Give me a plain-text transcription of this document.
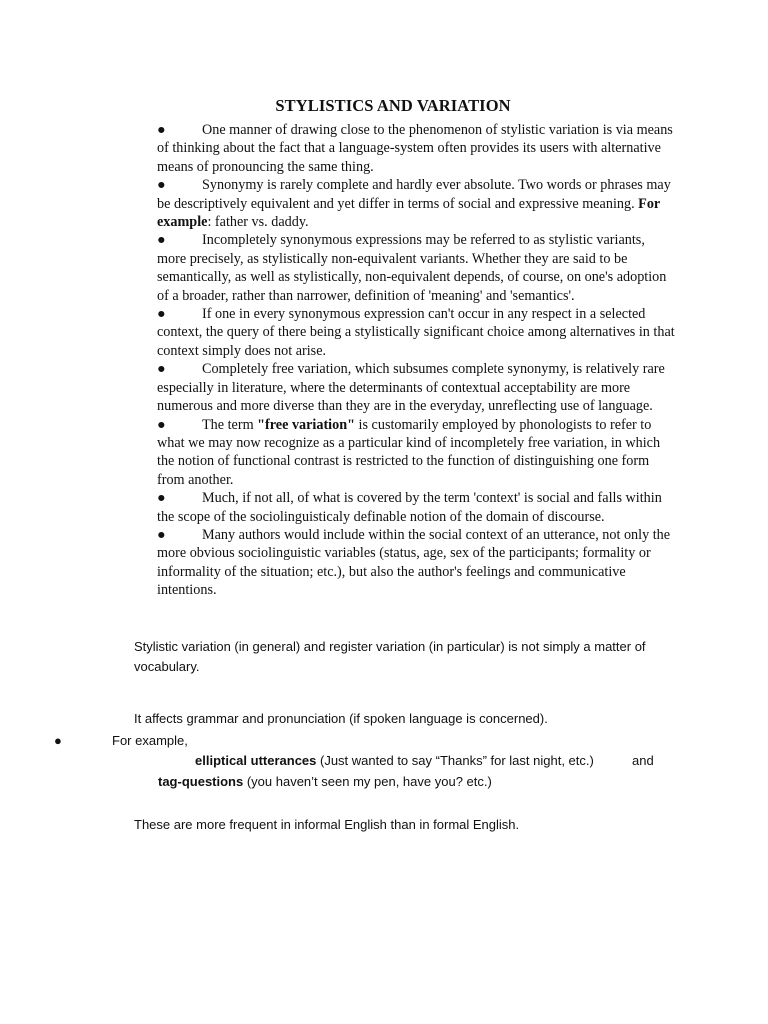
STYLISTICS AND VARIATION

●	One manner of drawing close to the phenomenon of stylistic variation is via means of thinking about the fact that a language-system often provides its users with alternative means of pronouncing the same thing.

●	Synonymy is rarely complete and hardly ever absolute. Two words or phrases may be descriptively equivalent and yet differ in terms of social and expressive meaning. For example: father vs. daddy.

●	Incompletely synonymous expressions may be referred to as stylistic variants, more precisely, as stylistically non-equivalent variants. Whether they are said to be semantically, as well as stylistically, non-equivalent depends, of course, on one's adoption of a broader, rather than narrower, definition of 'meaning' and 'semantics'.

●	If one in every synonymous expression can't occur in any respect in a selected context, the query of there being a stylistically significant choice among alternatives in that context simply does not arise.

●	Completely free variation, which subsumes complete synonymy, is relatively rare especially in literature, where the determinants of contextual acceptability are more numerous and more diverse than they are in the everyday, unreflecting use of language.

●	The term "free variation" is customarily employed by phonologists to refer to what we may now recognize as a particular kind of incompletely free variation, in which the notion of functional contrast is restricted to the function of distinguishing one form from another.

●	Much, if not all, of what is covered by the term 'context' is social and falls within the scope of the sociolinguisticaly definable notion of the domain of discourse.

●	Many authors would include within the social context of an utterance, not only the more obvious sociolinguistic variables (status, age, sex of the participants; formality or informality of the situation; etc.), but also the author's feelings and communicative intentions.

Stylistic variation (in general) and register variation (in particular) is not simply a matter of vocabulary.

It affects grammar and pronunciation (if spoken language is concerned).

●	For example,
elliptical utterances (Just wanted to say “Thanks” for last night, etc.)	and
tag-questions (you haven’t seen my pen, have you? etc.)

These are more frequent in informal English than in formal English.
